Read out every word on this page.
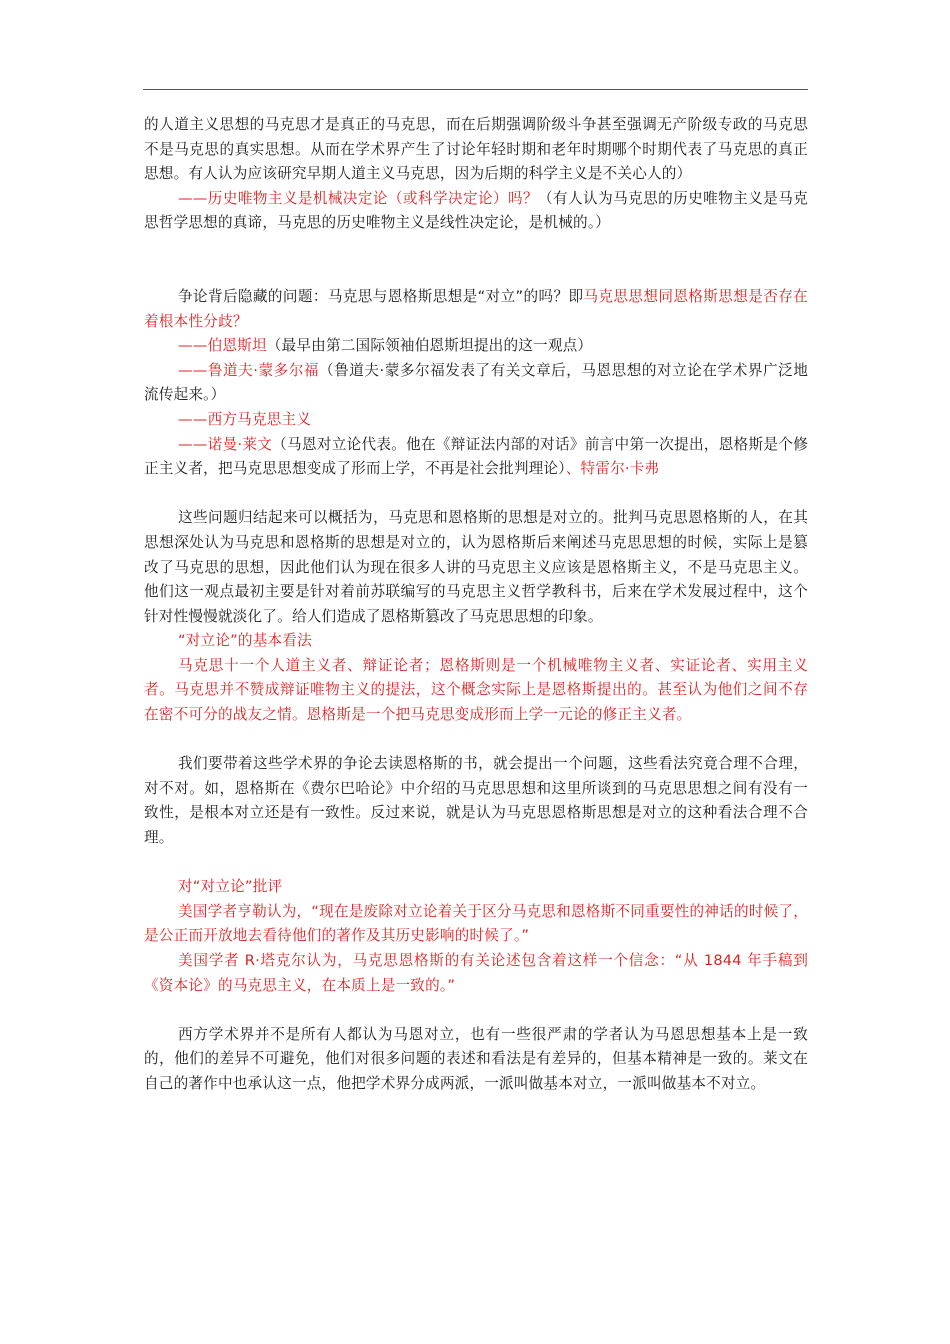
的人道主义思想的马克思才是真正的马克思，而在后期强调阶级斗争甚至强调无产阶级专政的马克思不是马克思的真实思想。从而在学术界产生了讨论年轻时期和老年时期哪个时期代表了马克思的真正思想。有人认为应该研究早期人道主义马克思，因为后期的科学主义是不关心人的）

——历史唯物主义是机械决定论（或科学决定论）吗？（有人认为马克思的历史唯物主义是马克思哲学思想的真谛，马克思的历史唯物主义是线性决定论，是机械的。）

争论背后隐藏的问题：马克思与恩格斯思想是“对立”的吗？即马克思思想同恩格斯思想是否存在着根本性分歧？

——伯恩斯坦（最早由第二国际领袖伯恩斯坦提出的这一观点）

——鲁道夫·蒙多尔福（鲁道夫·蒙多尔福发表了有关文章后，马恩思想的对立论在学术界广泛地流传起来。）

——西方马克思主义

——诺曼·莱文（马恩对立论代表。他在《辩证法内部的对话》前言中第一次提出，恩格斯是个修正主义者，把马克思思想变成了形而上学，不再是社会批判理论）、特雷尔·卡弗

这些问题归结起来可以概括为，马克思和恩格斯的思想是对立的。批判马克思恩格斯的人，在其思想深处认为马克思和恩格斯的思想是对立的，认为恩格斯后来阐述马克思思想的时候，实际上是篡改了马克思的思想，因此他们认为现在很多人讲的马克思主义应该是恩格斯主义，不是马克思主义。他们这一观点最初主要是针对着前苏联编写的马克思主义哲学教科书，后来在学术发展过程中，这个针对性慢慢就淡化了。给人们造成了恩格斯篡改了马克思思想的印象。

“对立论”的基本看法

马克思十一个人道主义者、辩证论者；恩格斯则是一个机械唯物主义者、实证论者、实用主义者。马克思并不赞成辩证唯物主义的提法，这个概念实际上是恩格斯提出的。甚至认为他们之间不存在密不可分的战友之情。恩格斯是一个把马克思变成形而上学一元论的修正主义者。

我们要带着这些学术界的争论去读恩格斯的书，就会提出一个问题，这些看法究竟合理不合理，对不对。如，恩格斯在《费尔巴哈论》中介绍的马克思思想和这里所谈到的马克思思想之间有没有一致性，是根本对立还是有一致性。反过来说，就是认为马克思恩格斯思想是对立的这种看法合理不合理。

对“对立论”批评

美国学者亨勒认为，“现在是废除对立论着关于区分马克思和恩格斯不同重要性的神话的时候了，是公正而开放地去看待他们的著作及其历史影响的时候了。”

美国学者 R·塔克尔认为，马克思恩格斯的有关论述包含着这样一个信念：“从 1844 年手稿到《资本论》的马克思主义，在本质上是一致的。”

西方学术界并不是所有人都认为马恩对立，也有一些很严肃的学者认为马恩思想基本上是一致的，他们的差异不可避免，他们对很多问题的表述和看法是有差异的，但基本精神是一致的。莱文在自己的著作中也承认这一点，他把学术界分成两派，一派叫做基本对立，一派叫做基本不对立。
